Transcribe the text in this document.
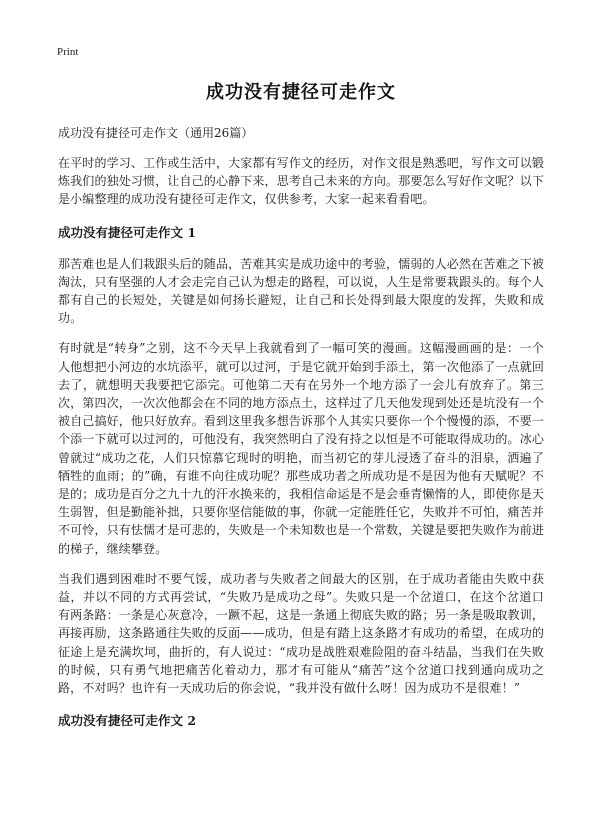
Print
成功没有捷径可走作文
成功没有捷径可走作文（通用26篇）

在平时的学习、工作或生活中，大家都有写作文的经历，对作文很是熟悉吧，写作文可以锻炼我们的独处习惯，让自己的心静下来，思考自己未来的方向。那要怎么写好作文呢？以下是小编整理的成功没有捷径可走作文，仅供参考，大家一起来看看吧。

成功没有捷径可走作文 1

那苦难也是人们栽跟头后的随品，苦难其实是成功途中的考验，懦弱的人必然在苦难之下被淘汰，只有坚强的人才会走完自己认为想走的路程，可以说，人生是常要栽跟头的。每个人都有自己的长短处，关键是如何扬长避短，让自己和长处得到最大限度的发挥，失败和成功。

有时就是“转身”之别，这不今天早上我就看到了一幅可笑的漫画。这幅漫画画的是：一个人他想把小河边的水坑添平，就可以过河，于是它就开始到手添土，第一次他添了一点就回去了，就想明天我要把它添完。可他第二天有在另外一个地方添了一会儿有放弃了。第三次，第四次，一次次他都会在不同的地方添点土，这样过了几天他发现到处还是坑没有一个被自己搞好，他只好放弃。看到这里我多想告诉那个人其实只要你一个个慢慢的添，不要一个添一下就可以过河的，可他没有，我突然明白了没有持之以恒是不可能取得成功的。冰心曾就过“成功之花，人们只惊慕它现时的明艳，而当初它的芽儿浸透了奋斗的泪泉，洒遍了牺牲的血雨；的”确，有谁不向往成功呢？那些成功者之所成功是不是因为他有天赋呢？不是的；成功是百分之九十九的汗水换来的，我相信命运是不是会垂青懒惰的人，即使你是天生弱智，但是勤能补拙，只要你坚信能做的事，你就一定能胜任它，失败并不可怕，痛苦并不可怜，只有怯懦才是可悲的，失败是一个未知数也是一个常数，关键是要把失败作为前进的梯子，继续攀登。

当我们遇到困难时不要气馁，成功者与失败者之间最大的区别，在于成功者能由失败中获益，并以不同的方式再尝试，“失败乃是成功之母”。失败只是一个岔道口，在这个岔道口有两条路：一条是心灰意冷，一蹶不起，这是一条通上彻底失败的路；另一条是吸取教训，再接再励，这条路通往失败的反面——成功，但是有踏上这条路才有成功的希望，在成功的征途上是充满坎坷，曲折的，有人说过：“成功是战胜艰难险阻的奋斗结晶，当我们在失败的时候，只有勇气地把痛苦化着动力，那才有可能从“痛苦”这个岔道口找到通向成功之路，不对吗？也许有一天成功后的你会说，“我并没有做什么呀！因为成功不是很难！”

成功没有捷径可走作文 2
